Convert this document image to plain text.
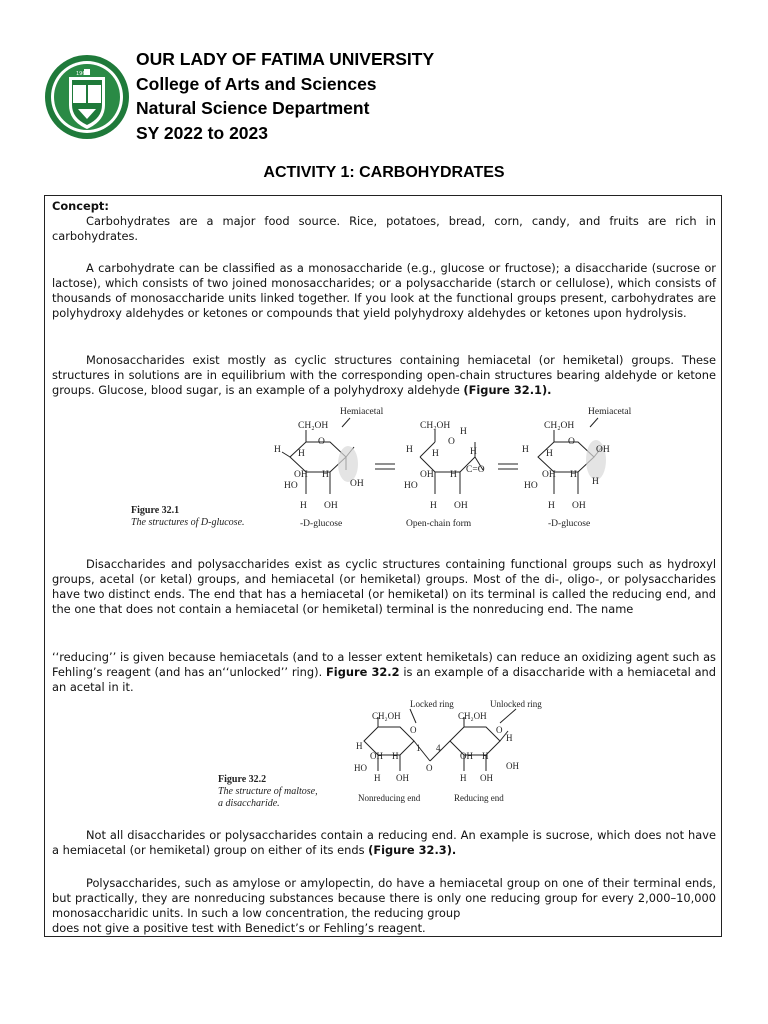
1967
OUR LADY OF FATIMA UNIVERSITY
College of Arts and Sciences
Natural Science Department
SY 2022 to 2023
ACTIVITY 1: CARBOHYDRATES

Concept:

Carbohydrates are a major food source. Rice, potatoes, bread, corn, candy, and fruits are rich in carbohydrates.

A carbohydrate can be classified as a monosaccharide (e.g., glucose or fructose); a disaccharide (sucrose or lactose), which consists of two joined monosaccharides; or a polysaccharide (starch or cellulose), which consists of thousands of monosaccharide units linked together. If you look at the functional groups present, carbohydrates are polyhydroxy aldehydes or ketones or compounds that yield polyhydroxy aldehydes or ketones upon hydrolysis.

Monosaccharides exist mostly as cyclic structures containing hemiacetal (or hemiketal) groups. These structures in solutions are in equilibrium with the corresponding open-chain structures bearing aldehyde or ketone groups. Glucose, blood sugar, is an example of a polyhydroxy aldehyde (Figure 32.1).

Figure 32.1
The structures of D-glucose.
CH₂OH
O
Hemiacetal
H H
OH H
OH
HO
H OH
-D-glucose
CH₂OH
O
H
H H	H
OH H C=O
HO
H OH
Open-chain form
CH₂OH
O
Hemiacetal
H H	OH
OH H
H
HO
H OH
-D-glucose

Disaccharides and polysaccharides exist as cyclic structures containing functional groups such as hydroxyl groups, acetal (or ketal) groups, and hemiacetal (or hemiketal) groups. Most of the di-, oligo-, or polysaccharides have two distinct ends. The end that has a hemiacetal (or hemiketal) on its terminal is called the reducing end, and the one that does not contain a hemiacetal (or hemiketal) terminal is the nonreducing end. The name

‘‘reducing’’ is given because hemiacetals (and to a lesser extent hemiketals) can reduce an oxidizing agent such as Fehling’s reagent (and has an‘‘unlocked’’ ring). Figure 32.2 is an example of a disaccharide with a hemiacetal and an acetal in it.

Figure 32.2
The structure of maltose,
a disaccharide.
Locked ring	Unlocked ring
CH₂OH	CH₂OH
O	O
H
H
OH H
1 4
O
OH H
OH
HO
H OH	H OH
Nonreducing end	Reducing end

Not all disaccharides or polysaccharides contain a reducing end. An example is sucrose, which does not have a hemiacetal (or hemiketal) group on either of its ends (Figure 32.3).

Polysaccharides, such as amylose or amylopectin, do have a hemiacetal group on one of their terminal ends, but practically, they are nonreducing substances because there is only one reducing group for every 2,000–10,000 monosaccharidic units. In such a low concentration, the reducing group

does not give a positive test with Benedict’s or Fehling’s reagent.
